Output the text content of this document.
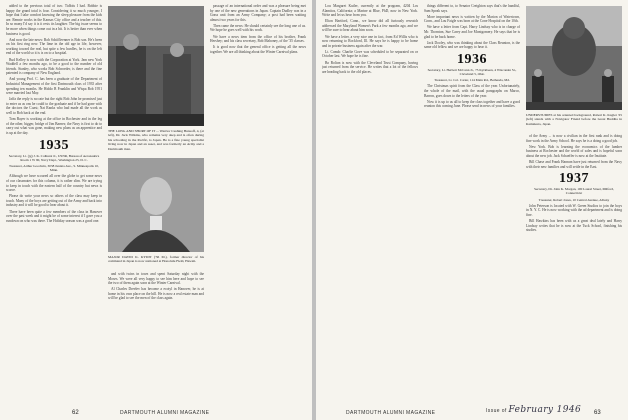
added to the previous total of two. Tidbits I had. Bobbie is happy the grand total is four. Considering it so much younger, I hope that I take comfort knowing the sleep pleasure from the kids are. Rennie works in the Kansas City office and a teacher of this. In so many I'd say it is it rests its laughter. The big issue seems to be more when things come out in a bit. It is better than ever when business is good.

And now the late news: Bob Schiffleenner is Bob son. He's been on his first ring new. The lime in the old age in life, however, working toward the real, but spite a few hurdles, he is on the left end of the world so it is is on to a hospital.

Bud Kelley is now with the Corporation at York. Jam new York Waddell a few months ago, to be a good to the number of old friends. Stanley, who works Bob Schroeder, is there and the fine patented is company of New England.

And young Prof. C. has been a graduate of the Department of Industrial Management of the first Dartmouth class of 1935 after spending ten months. He Hiddo B Franklin and Wispa Bob 1951 were married last May.

Jaffa the reply is no rate but the right Bob John he promised just to enter us as ons he could to the graduate and if he had gone with the doctors the Coast; Nat Ranks who had made all the work as well to Bob back at the end.

Tom Bayer is working at the office in Rochester and in the leg of the other, bigger, bridge of Jim Barnes; the Navy is first to do to carry out what was gone, making new plans as an apprentice and is up at the day.

1935
Secretary, Lt. (jg) J. K. Colhurst Jr., USNR, Bureau of Aeronautics Room 1 W 90, Navy Dept., Washington 25, D. C.
Treasurer, Arthur Goodwin, 3038 Juniata Ave., S. Minneapolis 10, Minn.

Although we have scoured all over the globe to get some news of our classmates for this column, it is rather slim. We are trying to keep in touch with the eastern half of the country but news is scarce.

Please do write your news so others of the class may keep in touch. Many of the boys are getting out of the Army and back into industry and it will be good to hear about it.

There have been quite a few members of the class in Hanover over the past week and it might be of some interest if I gave you a rundown on who was there. The Holiday season was a good one.

THE LONG AND SHORT OF IT ... Warrior Cushing Bunsoff, 4, (at left), Dr. Jack Wilkins, who remains very deep and is often during his schooling in the Pacific, is Japan. He is a fine young specialist living now in Japan and an asset, and was formerly an Army and a Dartmouth man.
MAJOR DAVID K. KYDIT ('36 M.), former director of his command in Japan is now stationed at Honolulu Field, Hawaii.

and with twins in town and spent Saturday night with the Moses. We were all very happy to see him here and hope to see the two of them again soon at the Winter Carnival.

Al Charles Dreelev has become a ecotyl in Hanover, he is at home in his own place on the hill. He is now a real estate man and will be glad to see the men of the class again.

passage of an international order and was a pleasure being met by one of the new generations in Japan. Captain Dudley was in a Grass unit from an Army Company; a post had been waiting almost two years for this.

Then came the news: He should certainly see the long one of us. We hope he goes well with his work.

We have a news item from the office of his brother, Frank Hershey; and his class secretary, Bob Mahoney, of the '35 classes.

It is good now that the general office is getting all the news together. We are all thinking about the Winter Carnival plans.

62	DARTMOUTH ALUMNI MAGAZINE

Lou Margaret Kutler, currently at the program, 4204 Los Alamitos, California; a Marine at Blue, PhD, now in New York. Write and let us hear from you.

Elton Hartford, Conn., we know did all furiously reseatch addressed the Maryland Women's Park a few months ago, and we will be sure to hear about him soon.

We have a letter, a very nice one in fact, from Ed Willis who is now returning to Rockford, Ill. He says he is happy to be home and in private business again after the war.

Lt. Comdr. Charlie Gove was scheduled to be separated on or October last. We hope he is fine.

Bo Bolton is now with the Cleveland Trust Company, having just returned from the service. He writes that a lot of the fellows are heading back to the old places.

things different to, to Senator Creighton says that's the handful, Sam Speak says.

More important news is written by the Marion of Watertown, Conn., and Lou Faigle was born at the Cone Hospital on the 10th.

We have a letter from Capt. Harry Lindsay who is in charge of Mr. Thornton, Sue Carey and Joe Montgomery. He says that he is glad to be back home.

Jack Dooley, who was thinking about the Class Reunion, is the same old fellow and we are happy to hear it.

1936
Secretary, Lt. Herbert McCann Jr., 75 Kyrkbeen, 4 Wisconsin St., Cleveland 5, Ohio
Treasurer, Lt. Col. Carter, 114 Main Rd., Bethesda, Md.

The Christmas spirit from the Class of the year. Unfortunately, the whole of the mail, with the usual paragraphs on Marco, Barron, goes down to the letters of the year.

Now it is up to us all to keep the class together and have a good reunion this coming June. Please send in news of your families.

UNDERSTUDIES at his oriented background, Robert K. Kagler '25 (left) stands with a Navigator Friend before the Great Buddha in Kamakura, Japan.

of the Army ... is now a civilian in the first rank and is doing fine work in the Army School. He says he is a doing a good job.

New York. Bob is learning the economics of the lumber business at Rochester and the world of sales and is hopeful soon about the new job. Jack Schaeffer is now at the Institute.

Bill Chase and Frank Hannon have just returned from the Navy with their new families and will settle in the East.

1937
Secretary, Dr. John K. Morgan, 100 Laurel Street, Milford, Connecticut
Treasurer, Robert Jones, 10 Central Avenue, Albany

John Peterson is located with W. Green Studios to join the boys in N. Y. C. He is now working with the ad department and is doing fine.

Bill Hawkins has been with us a great deal lately and Harry Lindsay writes that he is now at the Tuck School, finishing his studies.

DARTMOUTH ALUMNI MAGAZINE	Issue of February 1946 63
